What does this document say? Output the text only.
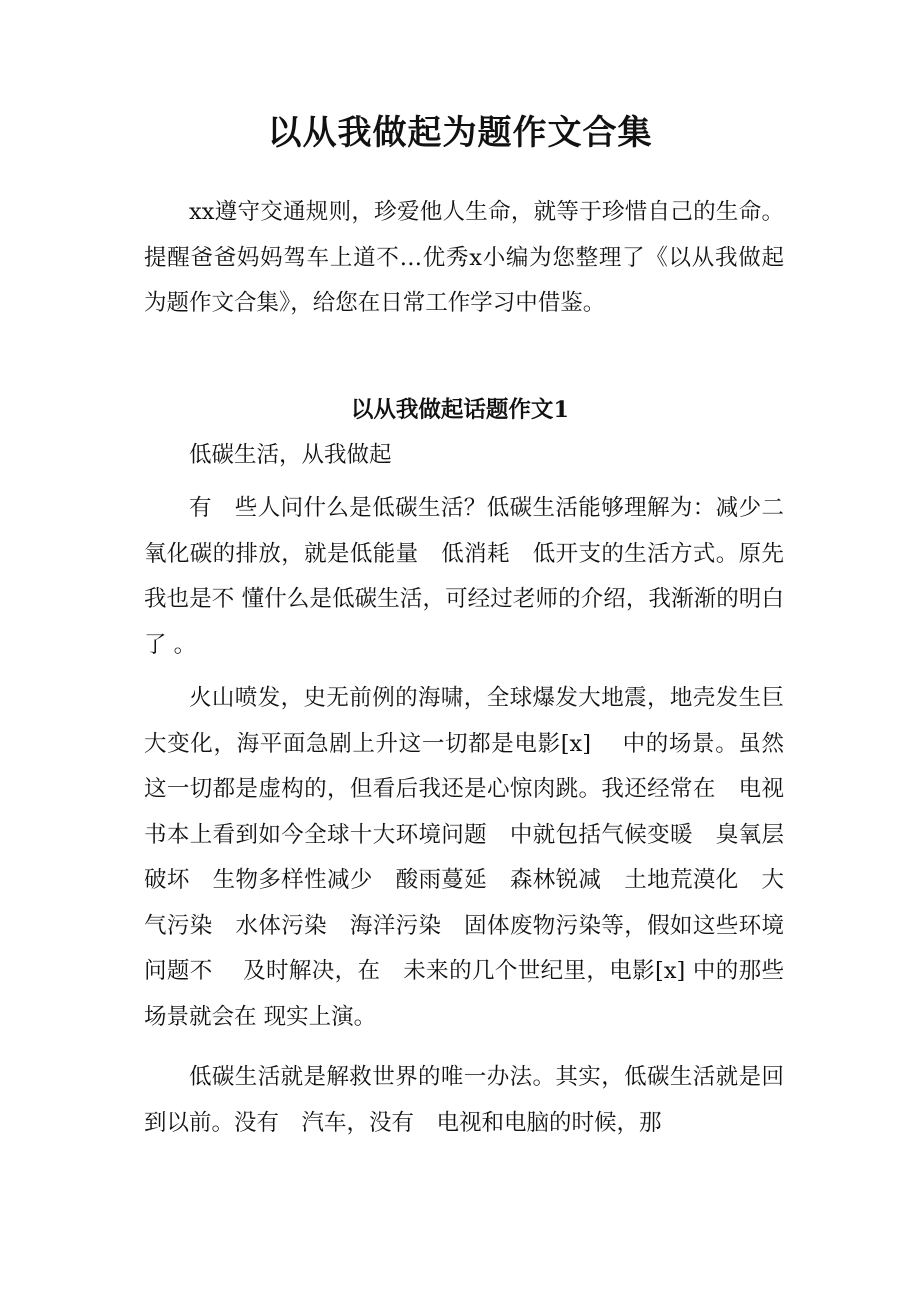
以从我做起为题作文合集

xx遵守交通规则，珍爱他人生命，就等于珍惜自己的生命。提醒爸爸妈妈驾车上道不…优秀x小编为您整理了《以从我做起为题作文合集》，给您在日常工作学习中借鉴。

以从我做起话题作文1

低碳生活，从我做起

有　些人问什么是低碳生活？低碳生活能够理解为：减少二氧化碳的排放，就是低能量　低消耗　低开支的生活方式。原先我也是不 懂什么是低碳生活，可经过老师的介绍，我渐渐的明白了 。

火山喷发，史无前例的海啸，全球爆发大地震，地壳发生巨大变化，海平面急剧上升这一切都是电影[x]　 中的场景。虽然这一切都是虚构的，但看后我还是心惊肉跳。我还经常在　电视　书本上看到如今全球十大环境问题　中就包括气候变暖　臭氧层破坏　生物多样性减少　酸雨蔓延　森林锐减　土地荒漠化　大气污染　水体污染　海洋污染　固体废物污染等，假如这些环境问题不　 及时解决，在　未来的几个世纪里，电影[x] 中的那些场景就会在 现实上演。

低碳生活就是解救世界的唯一办法。其实，低碳生活就是回到以前。没有　汽车，没有　电视和电脑的时候，那
